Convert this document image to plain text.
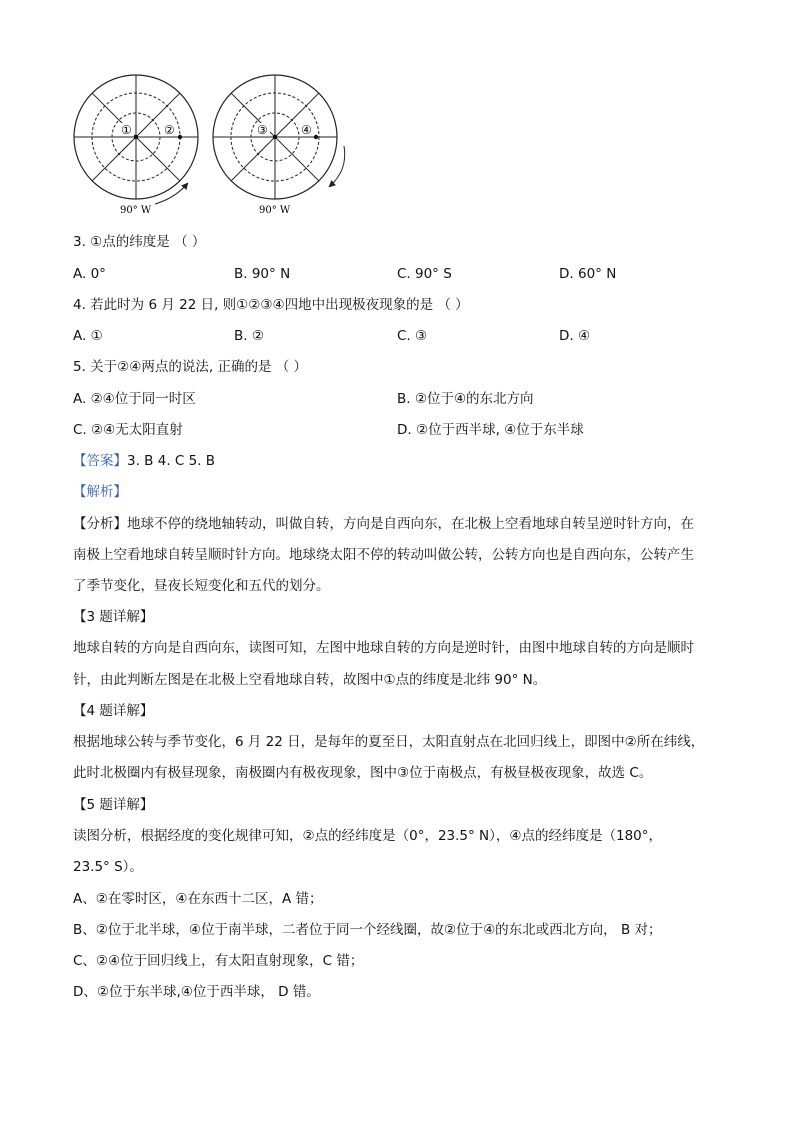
①	②
90° W
③	④
90° W
3. ①点的纬度是 （ ）
A. 0°	B. 90° N	C. 90° S	D. 60° N
4. 若此时为 6 月 22 日, 则①②③④四地中出现极夜现象的是 （ ）
A. ①	B. ②	C. ③	D. ④
5. 关于②④两点的说法, 正确的是 （ ）
A. ②④位于同一时区	B. ②位于④的东北方向
C. ②④无太阳直射	D. ②位于西半球, ④位于东半球
【答案】3. B 4. C 5. B
【解析】
【分析】地球不停的绕地轴转动，叫做自转，方向是自西向东，在北极上空看地球自转呈逆时针方向，在
南极上空看地球自转呈顺时针方向。地球绕太阳不停的转动叫做公转，公转方向也是自西向东，公转产生
了季节变化，昼夜长短变化和五代的划分。
【3 题详解】
地球自转的方向是自西向东，读图可知，左图中地球自转的方向是逆时针，由图中地球自转的方向是顺时
针，由此判断左图是在北极上空看地球自转，故图中①点的纬度是北纬 90° N。
【4 题详解】
根据地球公转与季节变化，6 月 22 日，是每年的夏至日，太阳直射点在北回归线上，即图中②所在纬线，
此时北极圈内有极昼现象，南极圈内有极夜现象，图中③位于南极点，有极昼极夜现象，故选 C。
【5 题详解】
读图分析，根据经度的变化规律可知，②点的经纬度是（0°，23.5° N），④点的经纬度是（180°，
23.5° S）。
A、②在零时区，④在东西十二区，A 错；
B、②位于北半球，④位于南半球，二者位于同一个经线圈，故②位于④的东北或西北方向， B 对；
C、②④位于回归线上，有太阳直射现象，C 错；
D、②位于东半球,④位于西半球， D 错。
